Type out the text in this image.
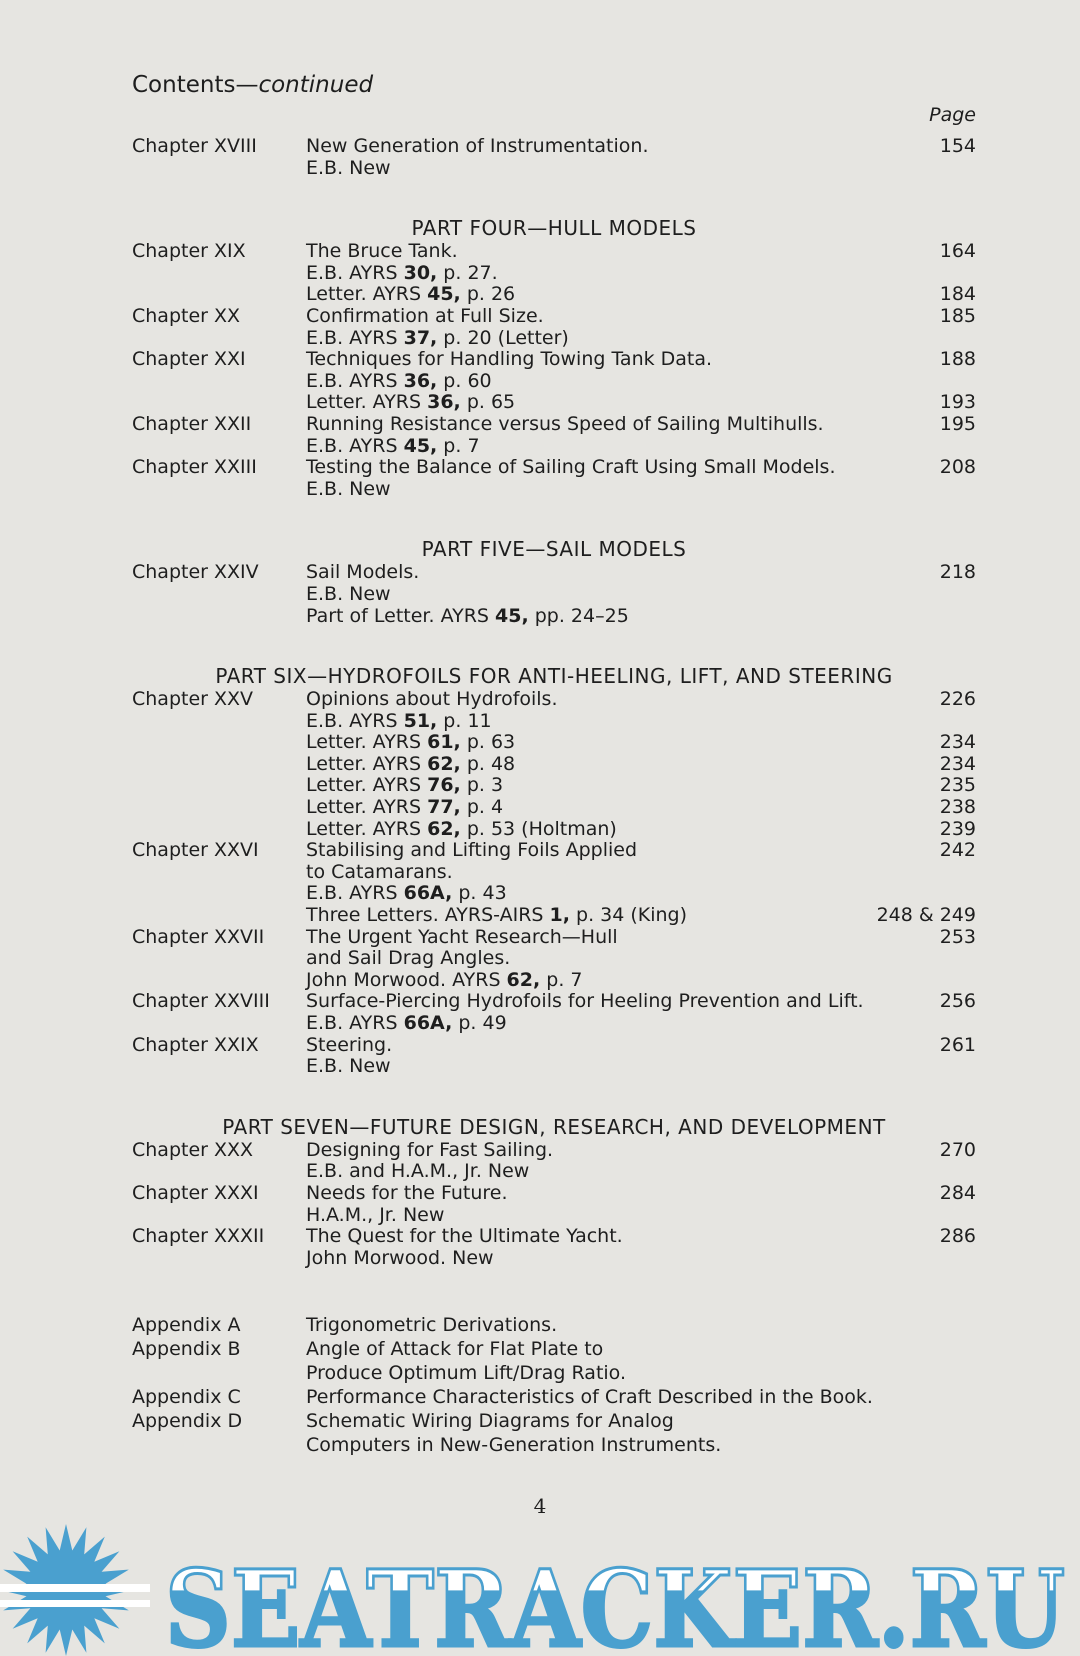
Contents—continued
Page
Chapter XVIII	New Generation of Instrumentation.	154
E.B. New
PART FOUR—HULL MODELS
Chapter XIX	The Bruce Tank.	164
E.B. AYRS 30, p. 27.
Letter. AYRS 45, p. 26	184
Chapter XX	Confirmation at Full Size.	185
E.B. AYRS 37, p. 20 (Letter)
Chapter XXI	Techniques for Handling Towing Tank Data.	188
E.B. AYRS 36, p. 60
Letter. AYRS 36, p. 65	193
Chapter XXII	Running Resistance versus Speed of Sailing Multihulls.	195
E.B. AYRS 45, p. 7
Chapter XXIII	Testing the Balance of Sailing Craft Using Small Models.	208
E.B. New
PART FIVE—SAIL MODELS
Chapter XXIV Sail Models.	218
E.B. New
Part of Letter. AYRS 45, pp. 24–25
PART SIX—HYDROFOILS FOR ANTI-HEELING, LIFT, AND STEERING
Chapter XXV	Opinions about Hydrofoils.	226
E.B. AYRS 51, p. 11
Letter. AYRS 61, p. 63	234
Letter. AYRS 62, p. 48	234
Letter. AYRS 76, p. 3	235
Letter. AYRS 77, p. 4	238
Letter. AYRS 62, p. 53 (Holtman)	239
Chapter XXVI Stabilising and Lifting Foils Applied	242
to Catamarans.
E.B. AYRS 66A, p. 43
Three Letters. AYRS-AIRS 1, p. 34 (King)	248 & 249
Chapter XXVII The Urgent Yacht Research—Hull	253
and Sail Drag Angles.
John Morwood. AYRS 62, p. 7
Chapter XXVIII Surface-Piercing Hydrofoils for Heeling Prevention and Lift.	256
E.B. AYRS 66A, p. 49
Chapter XXIX Steering.	261
E.B. New
PART SEVEN—FUTURE DESIGN, RESEARCH, AND DEVELOPMENT
Chapter XXX	Designing for Fast Sailing.	270
E.B. and H.A.M., Jr. New
Chapter XXXI Needs for the Future.	284
H.A.M., Jr. New
Chapter XXXII The Quest for the Ultimate Yacht.	286
John Morwood. New
Appendix A	Trigonometric Derivations.
Appendix B	Angle of Attack for Flat Plate to
Produce Optimum Lift/Drag Ratio.
Appendix C	Performance Characteristics of Craft Described in the Book.
Appendix D	Schematic Wiring Diagrams for Analog
Computers in New-Generation Instruments.
4
SEATRACKER.RU
